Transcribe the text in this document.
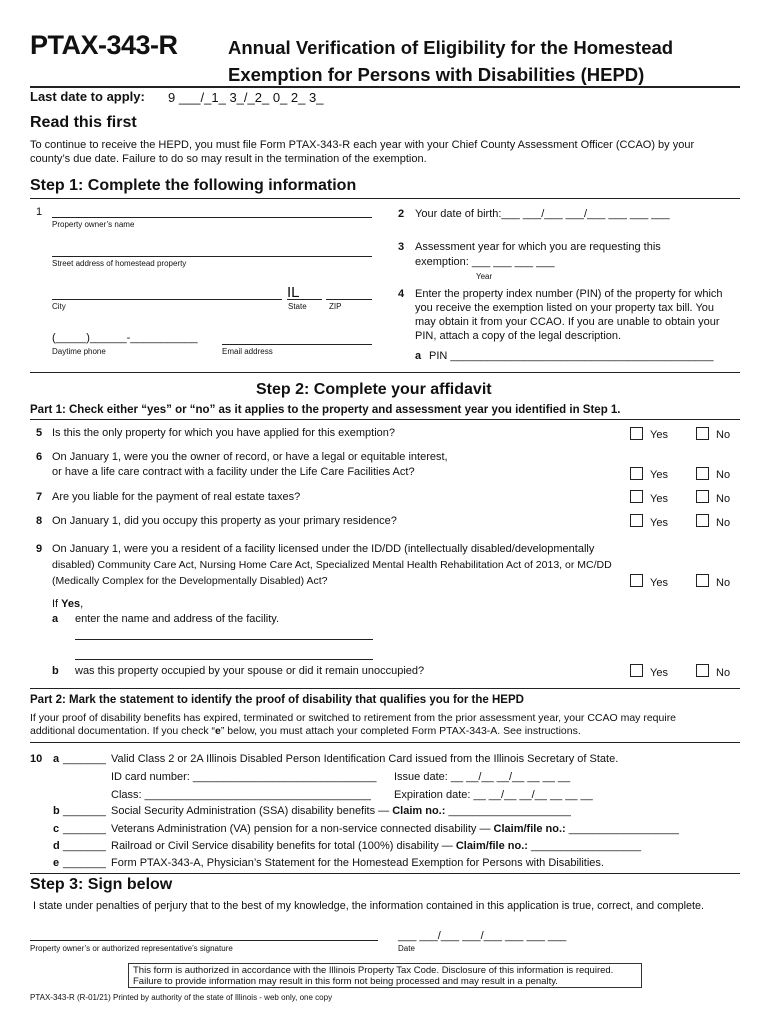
PTAX-343-R	Annual Verification of Eligibility for the Homestead
Exemption for Persons with Disabilities (HEPD)
Last date to apply: 9 ___/_1_ 3_/_2_ 0_ 2_ 3_
Read this first
To continue to receive the HEPD, you must file Form PTAX-343-R each year with your Chief County Assessment Officer (CCAO) by your
county’s due date. Failure to do so may result in the termination of the exemption.
Step 1: Complete the following information
1
Property owner’s name
Street address of homestead property
IL
City	State	ZIP
(_____)______-___________
Daytime phone	Email address
2 Your date of birth:___ ___/___ ___/___ ___ ___ ___
3 Assessment year for which you are requesting this
exemption: ___ ___ ___ ___
Year
4 Enter the property index number (PIN) of the property for which
you receive the exemption listed on your property tax bill. You
may obtain it from your CCAO. If you are unable to obtain your
PIN, attach a copy of the legal description.
a PIN ___________________________________________
Step 2: Complete your affidavit
Part 1: Check either “yes” or “no” as it applies to the property and assessment year you identified in Step 1.
5 Is this the only property for which you have applied for this exemption?	Yes	No
6 On January 1, were you the owner of record, or have a legal or equitable interest,
or have a life care contract with a facility under the Life Care Facilities Act?	Yes	No
7 Are you liable for the payment of real estate taxes?	Yes	No
8 On January 1, did you occupy this property as your primary residence?	Yes	No
9 On January 1, were you a resident of a facility licensed under the ID/DD (intellectually disabled/developmentally
disabled) Community Care Act, Nursing Home Care Act, Specialized Mental Health Rehabilitation Act of 2013, or MC/DD
(Medically Complex for the Developmentally Disabled) Act?	Yes	No
If Yes,
a enter the name and address of the facility.
b was this property occupied by your spouse or did it remain unoccupied?	Yes	No
Part 2: Mark the statement to identify the proof of disability that qualifies you for the HEPD
If your proof of disability benefits has expired, terminated or switched to retirement from the prior assessment year, your CCAO may require
additional documentation. If you check “e” below, you must attach your completed Form PTAX-343-A. See instructions.
10 a _______ Valid Class 2 or 2A Illinois Disabled Person Identification Card issued from the Illinois Secretary of State.
ID card number: ______________________________ Issue date: __ __/__ __/__ __ __ __
Class: _____________________________________ Expiration date: __ __/__ __/__ __ __ __
b _______ Social Security Administration (SSA) disability benefits — Claim no.: ____________________
c _______ Veterans Administration (VA) pension for a non-service connected disability — Claim/file no.: __________________
d _______ Railroad or Civil Service disability benefits for total (100%) disability — Claim/file no.: __________________
e _______ Form PTAX-343-A, Physician’s Statement for the Homestead Exemption for Persons with Disabilities.
Step 3: Sign below
I state under penalties of perjury that to the best of my knowledge, the information contained in this application is true, correct, and complete.
___ ___/___ ___/___ ___ ___ ___
Property owner’s or authorized representative’s signature	Date
This form is authorized in accordance with the Illinois Property Tax Code. Disclosure of this information is required.
Failure to provide information may result in this form not being processed and may result in a penalty.
PTAX-343-R (R-01/21) Printed by authority of the state of Illinois - web only, one copy
